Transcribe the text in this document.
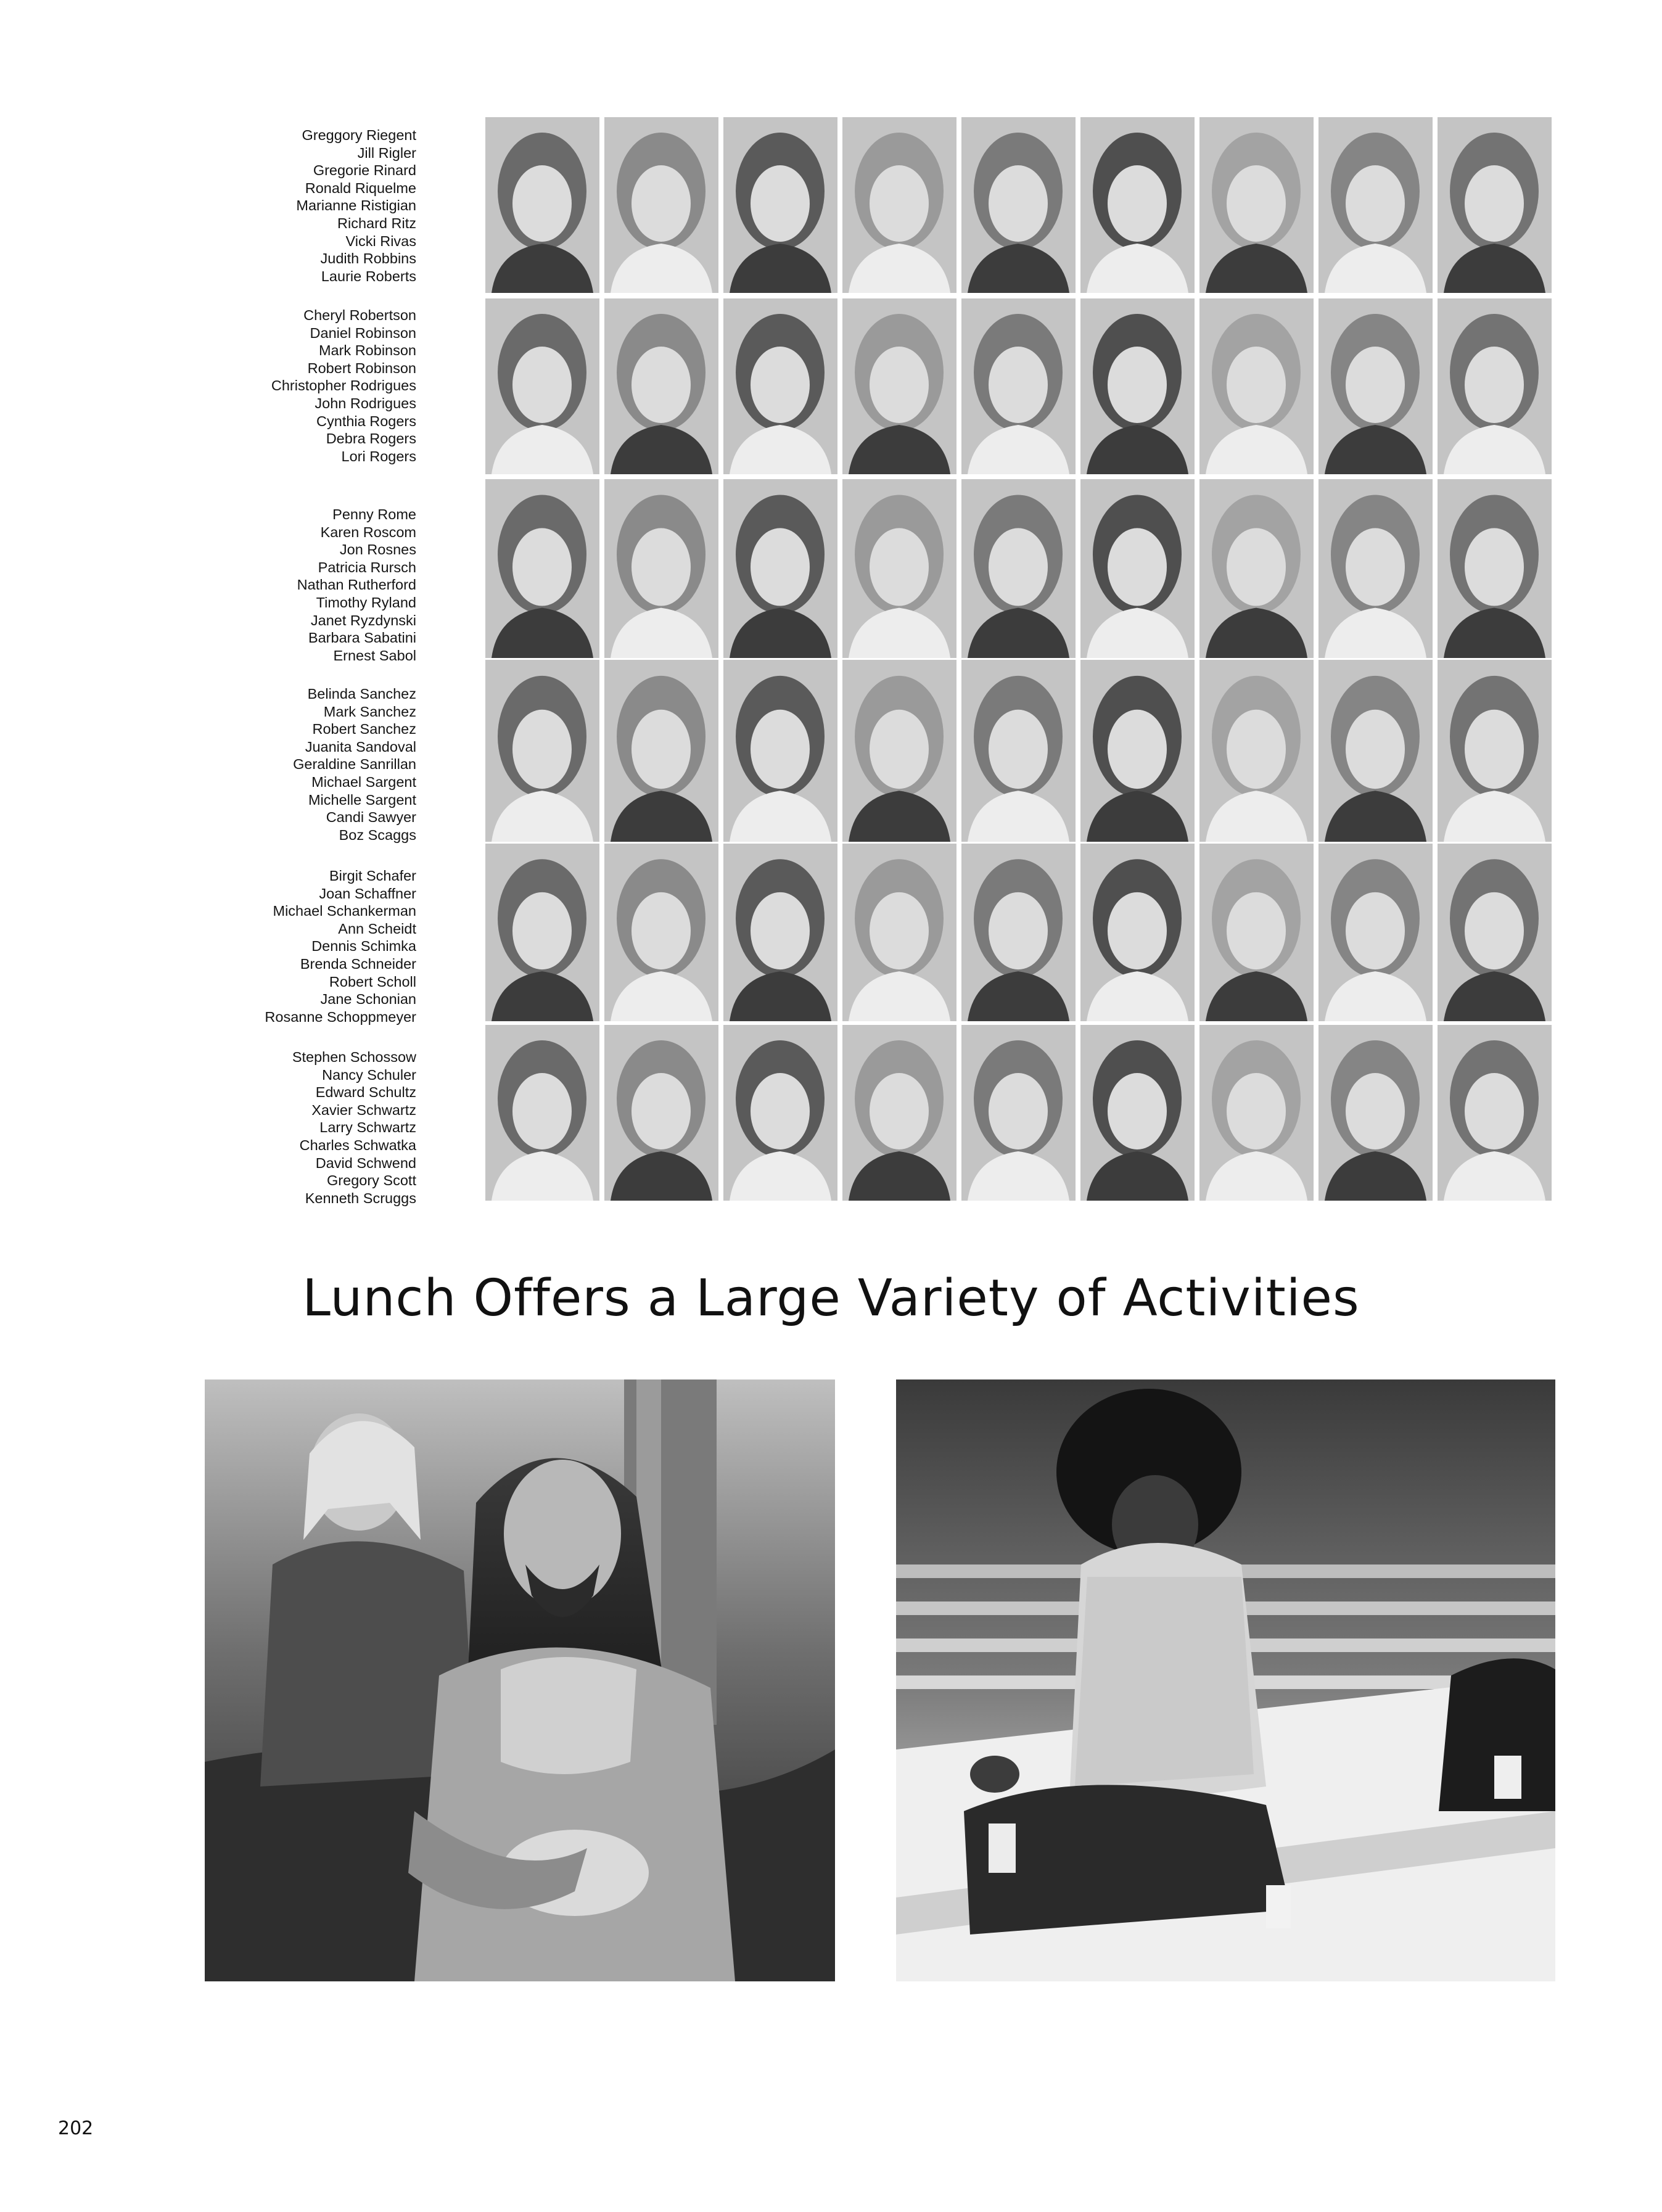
Greggory Riegent
Jill Rigler
Gregorie Rinard
Ronald Riquelme
Marianne Ristigian
Richard Ritz
Vicki Rivas
Judith Robbins
Laurie Roberts
Cheryl Robertson
Daniel Robinson
Mark Robinson
Robert Robinson
Christopher Rodrigues
John Rodrigues
Cynthia Rogers
Debra Rogers
Lori Rogers
Penny Rome
Karen Roscom
Jon Rosnes
Patricia Rursch
Nathan Rutherford
Timothy Ryland
Janet Ryzdynski
Barbara Sabatini
Ernest Sabol
Belinda Sanchez
Mark Sanchez
Robert Sanchez
Juanita Sandoval
Geraldine Sanrillan
Michael Sargent
Michelle Sargent
Candi Sawyer
Boz Scaggs
Birgit Schafer
Joan Schaffner
Michael Schankerman
Ann Scheidt
Dennis Schimka
Brenda Schneider
Robert Scholl
Jane Schonian
Rosanne Schoppmeyer
Stephen Schossow
Nancy Schuler
Edward Schultz
Xavier Schwartz
Larry Schwartz
Charles Schwatka
David Schwend
Gregory Scott
Kenneth Scruggs
Lunch Offers a Large Variety of Activities
202
